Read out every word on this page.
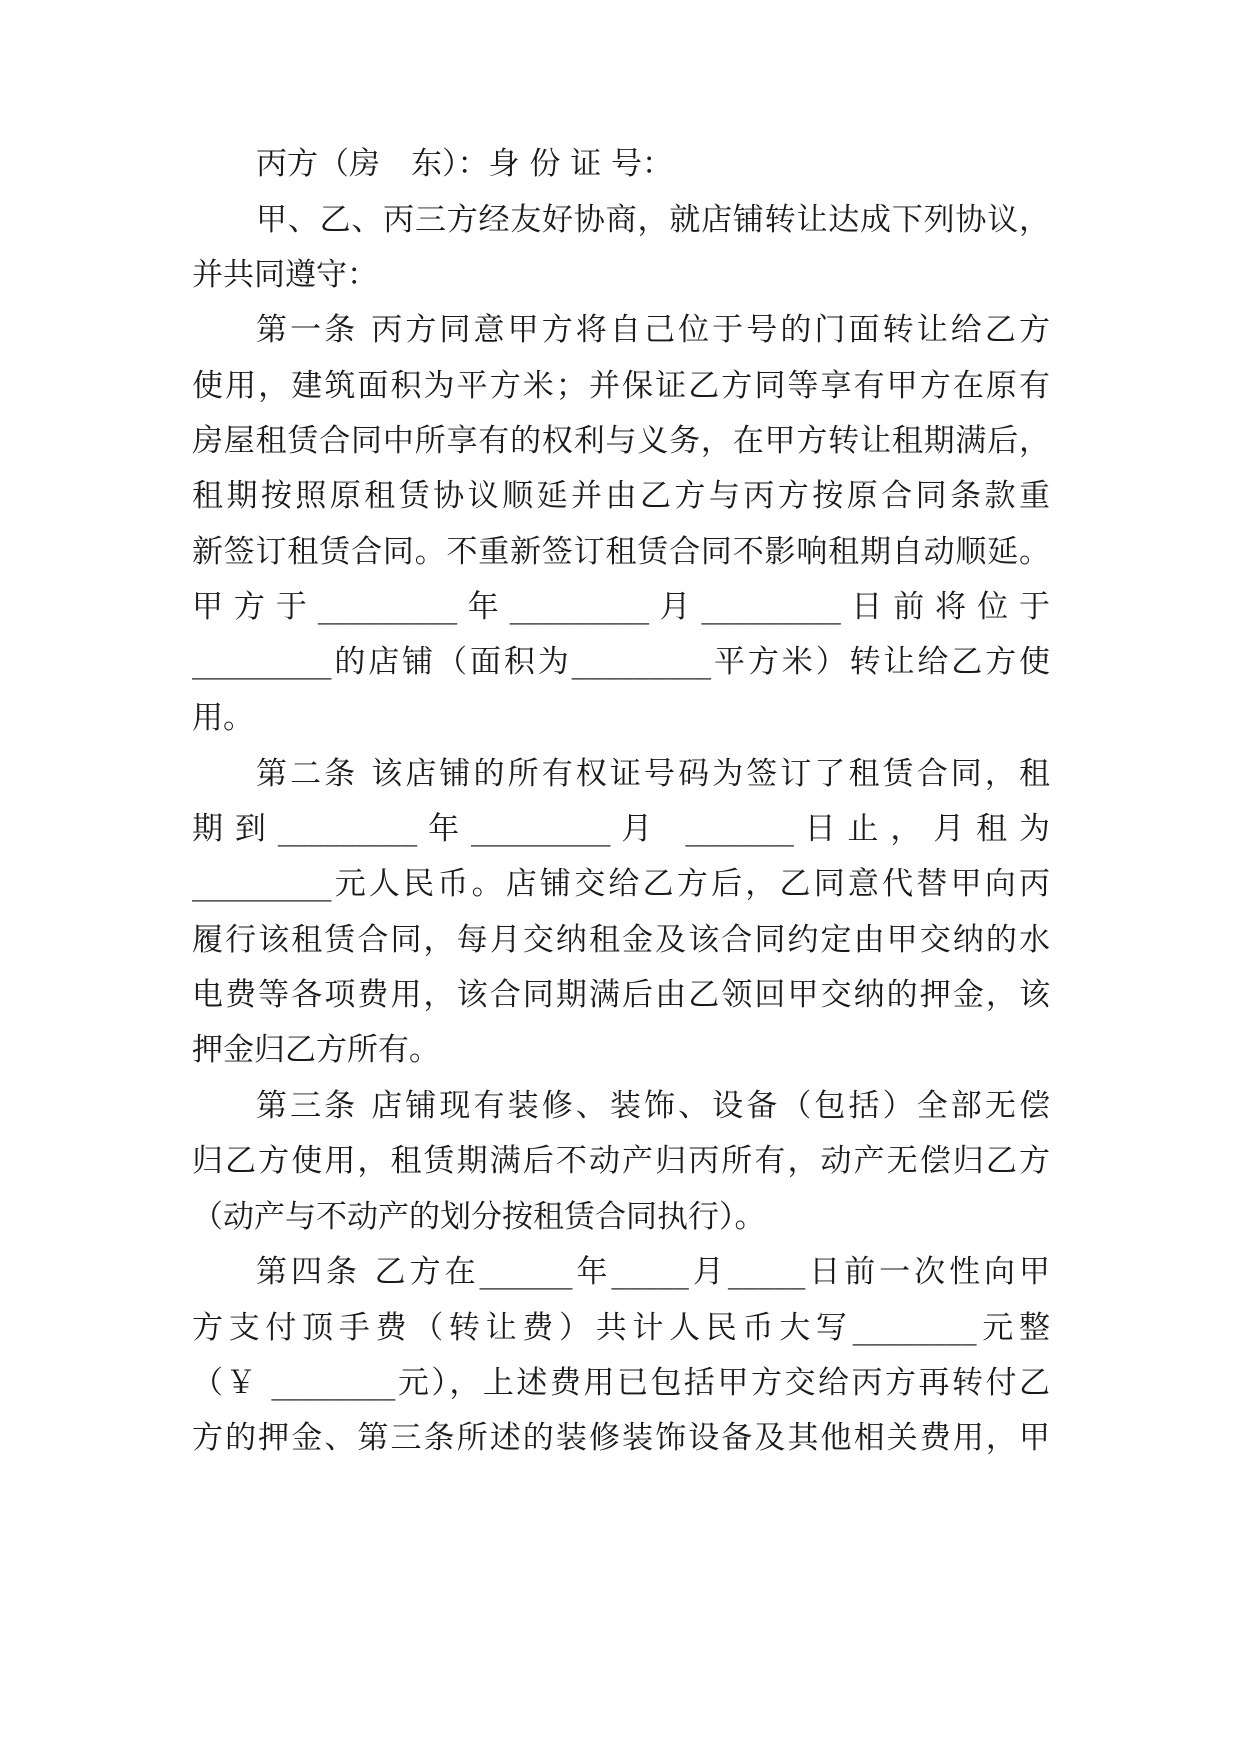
丙方（房　东）：身 份 证 号：
甲、乙、丙三方经友好协商，就店铺转让达成下列协议，
并共同遵守：
第一条 丙方同意甲方将自己位于号的门面转让给乙方
使用，建筑面积为平方米；并保证乙方同等享有甲方在原有
房屋租赁合同中所享有的权利与义务，在甲方转让租期满后，
租期按照原租赁协议顺延并由乙方与丙方按原合同条款重
新签订租赁合同。不重新签订租赁合同不影响租期自动顺延。
甲 方 于 _________ 年 _________ 月 _________ 日 前 将 位 于
_________的店铺（面积为_________平方米）转让给乙方使
用。
第二条 该店铺的所有权证号码为签订了租赁合同，租
期 到 _________ 年 _________ 月　_______ 日 止 ， 月 租 为
_________元人民币。店铺交给乙方后，乙同意代替甲向丙
履行该租赁合同，每月交纳租金及该合同约定由甲交纳的水
电费等各项费用，该合同期满后由乙领回甲交纳的押金，该
押金归乙方所有。
第三条 店铺现有装修、装饰、设备（包括）全部无偿
归乙方使用，租赁期满后不动产归丙所有，动产无偿归乙方
（动产与不动产的划分按租赁合同执行）。
第四条 乙方在______年_____月_____日前一次性向甲
方支付顶手费（转让费）共计人民币大写________元整
（￥ ________元），上述费用已包括甲方交给丙方再转付乙
方的押金、第三条所述的装修装饰设备及其他相关费用，甲
